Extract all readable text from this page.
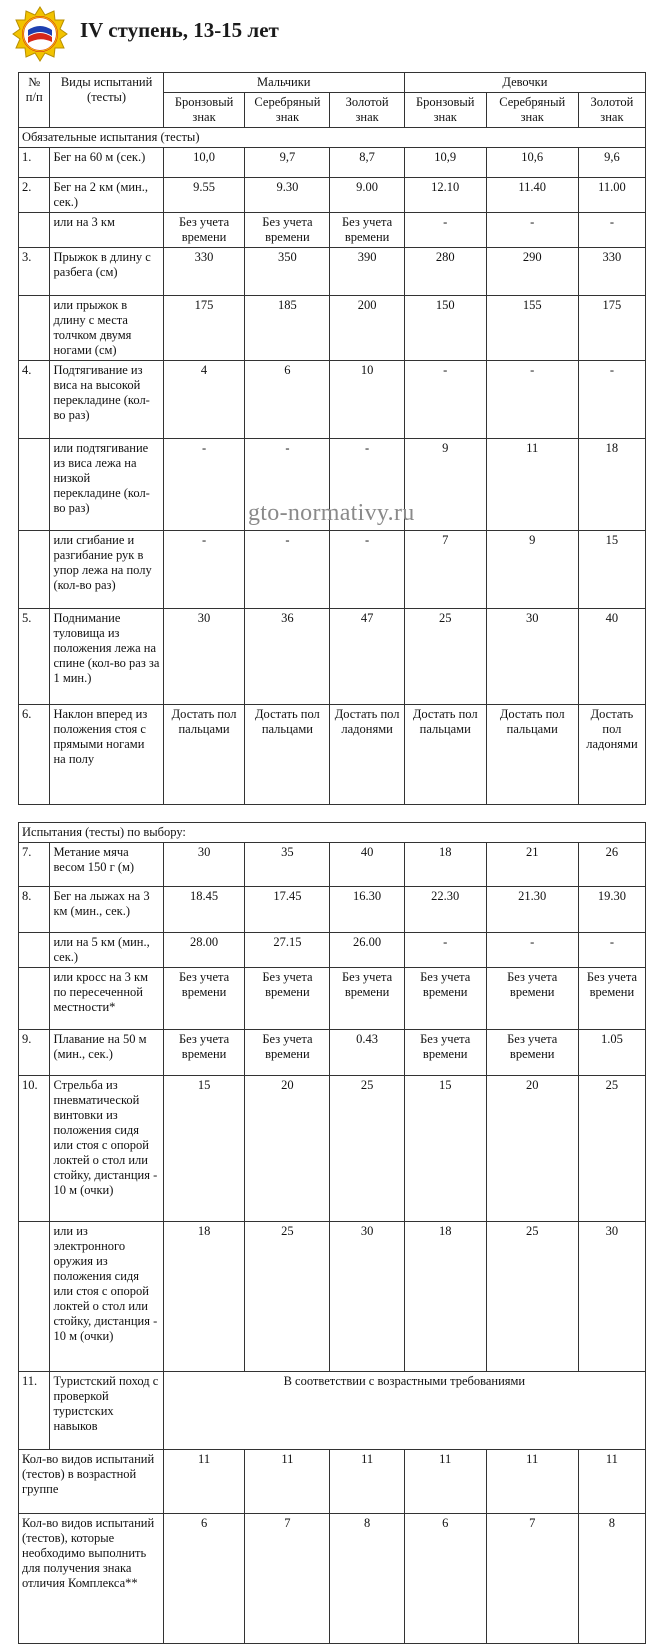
IV ступень, 13-15 лет
№ п/п	Виды испытаний (тесты)	Мальчики			Девочки		
		Бронзовый знак	Серебряный знак	Золотой знак	Бронзовый знак	Серебряный знак	Золотой знак
Обязательные испытания (тесты)							
1.	Бег на 60 м (сек.)	10,0	9,7	8,7	10,9	10,6	9,6
2.	Бег на 2 км (мин., сек.)	9.55	9.30	9.00	12.10	11.40	11.00
	или на 3 км	Без учета времени	Без учета времени	Без учета времени	-	-	-
3.	Прыжок в длину с разбега (см)	330	350	390	280	290	330
	или прыжок в длину с места толчком двумя ногами (см)	175	185	200	150	155	175
4.	Подтягивание из виса на высокой перекладине (кол-во раз)	4	6	10	-	-	-
	или подтягивание из виса лежа на низкой перекладине (кол-во раз)	-	-	-	9	11	18
	или сгибание и разгибание рук в упор лежа на полу (кол-во раз)	-	-	-	7	9	15
5.	Поднимание туловища из положения лежа на спине (кол-во раз за 1 мин.)	30	36	47	25	30	40
6.	Наклон вперед из положения стоя с прямыми ногами на полу	Достать пол пальцами	Достать пол пальцами	Достать пол ладонями	Достать пол пальцами	Достать пол пальцами	Достать пол ладонями
Испытания (тесты) по выбору:							
7.	Метание мяча весом 150 г (м)	30	35	40	18	21	26
8.	Бег на лыжах на 3 км (мин., сек.)	18.45	17.45	16.30	22.30	21.30	19.30
	или на 5 км (мин., сек.)	28.00	27.15	26.00	-	-	-
	или кросс на 3 км по пересеченной местности*	Без учета времени	Без учета времени	Без учета времени	Без учета времени	Без учета времени	Без учета времени
9.	Плавание на 50 м (мин., сек.)	Без учета времени	Без учета времени	0.43	Без учета времени	Без учета времени	1.05
10.	Стрельба из пневматической винтовки из положения сидя или стоя с опорой локтей о стол или стойку, дистанция - 10 м (очки)	15	20	25	15	20	25
	или из электронного оружия из положения сидя или стоя с опорой локтей о стол или стойку, дистанция - 10 м (очки)	18	25	30	18	25	30
11.	Туристский поход с проверкой туристских навыков	В соответствии с возрастными требованиями					
Кол-во видов испытаний (тестов) в возрастной группе		11	11	11	11	11	11
Кол-во видов испытаний (тестов), которые необходимо выполнить для получения знака отличия Комплекса**		6	7	8	6	7	8
gto-normativy.ru
